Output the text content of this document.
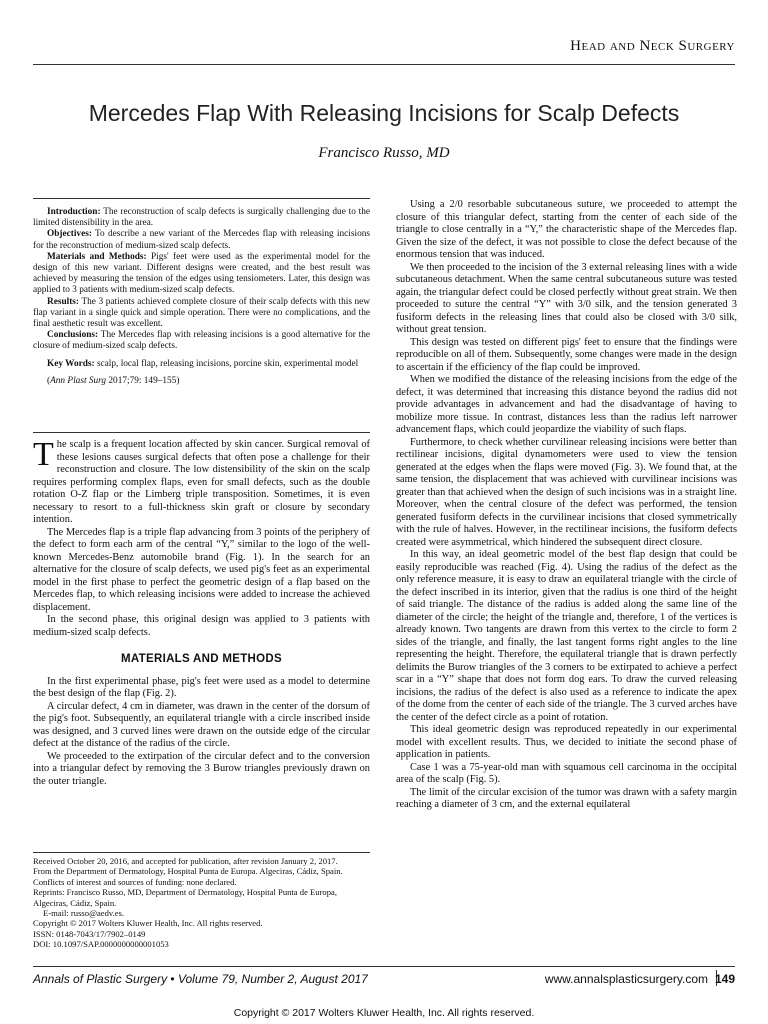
Head and Neck Surgery
Mercedes Flap With Releasing Incisions for Scalp Defects
Francisco Russo, MD

Introduction: The reconstruction of scalp defects is surgically challenging due to the limited distensibility in the area.

Objectives: To describe a new variant of the Mercedes flap with releasing incisions for the reconstruction of medium-sized scalp defects.

Materials and Methods: Pigs' feet were used as the experimental model for the design of this new variant. Different designs were created, and the best result was achieved by measuring the tension of the edges using tensiometers. Later, this design was applied to 3 patients with medium-sized scalp defects.

Results: The 3 patients achieved complete closure of their scalp defects with this new flap variant in a single quick and simple operation. There were no complications, and the final aesthetic result was excellent.

Conclusions: The Mercedes flap with releasing incisions is a good alternative for the closure of medium-sized scalp defects.

Key Words: scalp, local flap, releasing incisions, porcine skin, experimental model

(Ann Plast Surg 2017;79: 149–155)

The scalp is a frequent location affected by skin cancer. Surgical removal of these lesions causes surgical defects that often pose a challenge for their reconstruction and closure. The low distensibility of the skin on the scalp requires performing complex flaps, even for small defects, such as the double rotation O-Z flap or the Limberg triple transposition. Sometimes, it is even necessary to resort to a full-thickness skin graft or closure by secondary intention.

The Mercedes flap is a triple flap advancing from 3 points of the periphery of the defect to form each arm of the central “Y,” similar to the logo of the well-known Mercedes-Benz automobile brand (Fig. 1). In the search for an alternative for the closure of scalp defects, we used pig's feet as an experimental model in the first phase to perfect the geometric design of a flap based on the Mercedes flap, to which releasing incisions were added to increase the achieved displacement.

In the second phase, this original design was applied to 3 patients with medium-sized scalp defects.

MATERIALS AND METHODS

In the first experimental phase, pig's feet were used as a model to determine the best design of the flap (Fig. 2).

A circular defect, 4 cm in diameter, was drawn in the center of the dorsum of the pig's foot. Subsequently, an equilateral triangle with a circle inscribed inside was designed, and 3 curved lines were drawn on the outside edge of the circular defect at the distance of the radius of the circle.

We proceeded to the extirpation of the circular defect and to the conversion into a triangular defect by removing the 3 Burow triangles previously drawn on the outer triangle.

Received October 20, 2016, and accepted for publication, after revision January 2, 2017.
From the Department of Dermatology, Hospital Punta de Europa. Algeciras, Cádiz, Spain.
Conflicts of interest and sources of funding: none declared.
Reprints: Francisco Russo, MD, Department of Dermatology, Hospital Punta de Europa, Algeciras, Cádiz, Spain.
E-mail: russo@aedv.es.
Copyright © 2017 Wolters Kluwer Health, Inc. All rights reserved.
ISSN: 0148-7043/17/7902–0149
DOI: 10.1097/SAP.0000000000001053

Using a 2/0 resorbable subcutaneous suture, we proceeded to attempt the closure of this triangular defect, starting from the center of each side of the triangle to close centrally in a “Y,” the characteristic shape of the Mercedes flap. Given the size of the defect, it was not possible to close the defect because of the enormous tension that was induced.

We then proceeded to the incision of the 3 external releasing lines with a wide subcutaneous detachment. When the same central subcutaneous suture was tested again, the triangular defect could be closed perfectly without great strain. We then proceeded to suture the central “Y” with 3/0 silk, and the tension generated 3 fusiform defects in the releasing lines that could also be closed with 3/0 silk, without great tension.

This design was tested on different pigs' feet to ensure that the findings were reproducible on all of them. Subsequently, some changes were made in the design to ascertain if the efficiency of the flap could be improved.

When we modified the distance of the releasing incisions from the edge of the defect, it was determined that increasing this distance beyond the radius did not provide advantages in advancement and had the disadvantage of having to mobilize more tissue. In contrast, distances less than the radius left narrower advancement flaps, which could jeopardize the viability of such flaps.

Furthermore, to check whether curvilinear releasing incisions were better than rectilinear incisions, digital dynamometers were used to view the tension generated at the edges when the flaps were moved (Fig. 3). We found that, at the same tension, the displacement that was achieved with curvilinear incisions was greater than that achieved when the design of such incisions was in a straight line. Moreover, when the central closure of the defect was performed, the tension generated fusiform defects in the curvilinear incisions that closed symmetrically with the rule of halves. However, in the rectilinear incisions, the fusiform defects created were asymmetrical, which hindered the subsequent direct closure.

In this way, an ideal geometric model of the best flap design that could be easily reproducible was reached (Fig. 4). Using the radius of the defect as the only reference measure, it is easy to draw an equilateral triangle with the circle of the defect inscribed in its interior, given that the radius is one third of the height of said triangle. The distance of the radius is added along the same line of the diameter of the circle; the height of the triangle and, therefore, 1 of the vertices is already known. Two tangents are drawn from this vertex to the circle to form 2 sides of the triangle, and finally, the last tangent forms right angles to the line representing the height. Therefore, the equilateral triangle that is drawn perfectly delimits the Burow triangles of the 3 corners to be extirpated to achieve a perfect scar in a “Y” shape that does not form dog ears. To draw the curved releasing incisions, the radius of the defect is also used as a reference to indicate the apex of the dome from the center of each side of the triangle. The 3 curved arches have the center of the defect circle as a point of rotation.

This ideal geometric design was reproduced repeatedly in our experimental model with excellent results. Thus, we decided to initiate the second phase of application in patients.

Case 1 was a 75-year-old man with squamous cell carcinoma in the occipital area of the scalp (Fig. 5).

The limit of the circular excision of the tumor was drawn with a safety margin reaching a diameter of 3 cm, and the external equilateral

Annals of Plastic Surgery • Volume 79, Number 2, August 2017	www.annalsplasticsurgery.com 149
Copyright © 2017 Wolters Kluwer Health, Inc. All rights reserved.
